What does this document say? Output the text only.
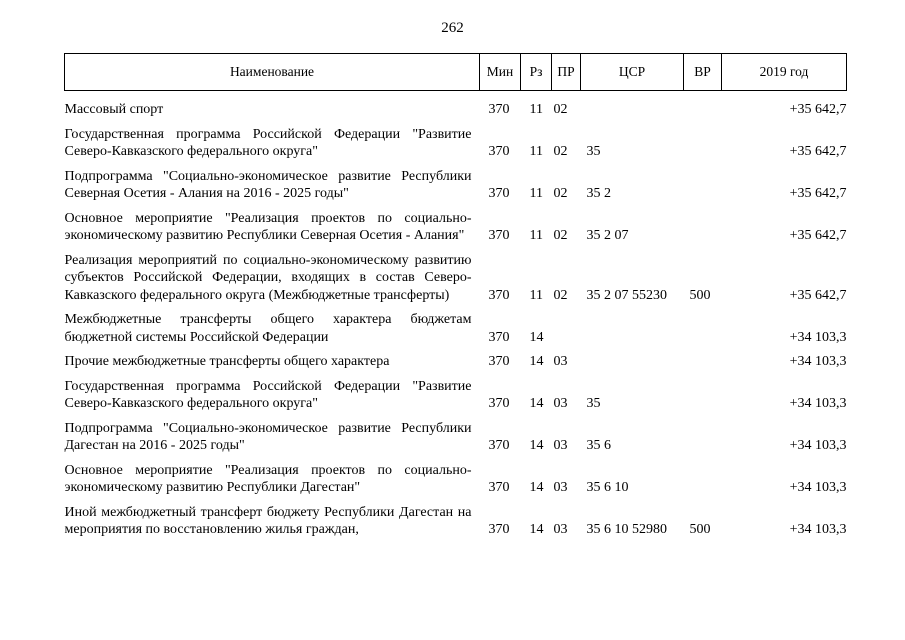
262
Наименование	Мин	Рз	ПР	ЦСР	ВР	2019 год
Массовый спорт	370	11	02			+35 642,7
Государственная программа Российской Федерации "Развитие Северо-Кавказского федерального округа"	370	11	02	35		+35 642,7
Подпрограмма "Социально-экономическое развитие Республики Северная Осетия - Алания на 2016 - 2025 годы"	370	11	02	35 2		+35 642,7
Основное мероприятие "Реализация проектов по социально-экономическому развитию Республики Северная Осетия - Алания"	370	11	02	35 2 07		+35 642,7
Реализация мероприятий по социально-экономическому развитию субъектов Российской Федерации, входящих в состав Северо-Кавказского федерального округа (Межбюджетные трансферты)	370	11	02	35 2 07 55230	500	+35 642,7
Межбюджетные трансферты общего характера бюджетам бюджетной системы Российской Федерации	370	14				+34 103,3
Прочие межбюджетные трансферты общего характера	370	14	03			+34 103,3
Государственная программа Российской Федерации "Развитие Северо-Кавказского федерального округа"	370	14	03	35		+34 103,3
Подпрограмма "Социально-экономическое развитие Республики Дагестан на 2016 - 2025 годы"	370	14	03	35 6		+34 103,3
Основное мероприятие "Реализация проектов по социально-экономическому развитию Республики Дагестан"	370	14	03	35 6 10		+34 103,3
Иной межбюджетный трансферт бюджету Республики Дагестан на мероприятия по восстановлению жилья граждан,	370	14	03	35 6 10 52980	500	+34 103,3
